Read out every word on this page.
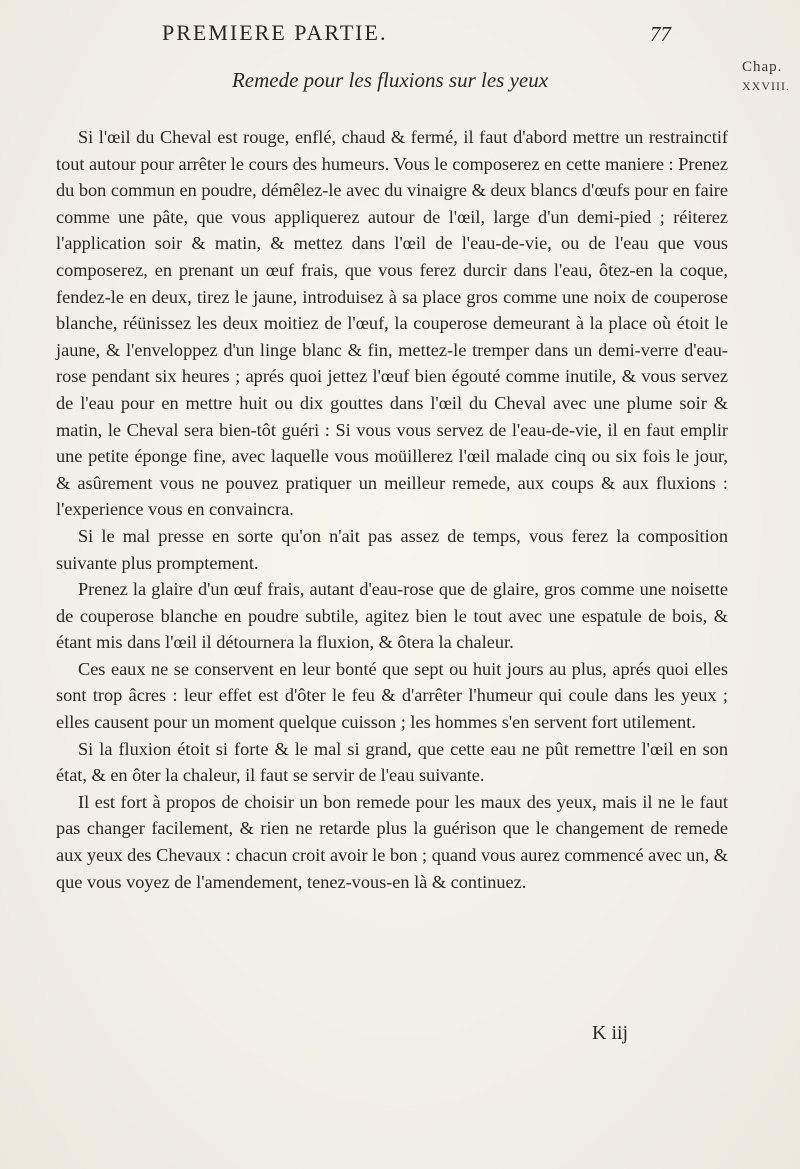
PREMIERE PARTIE.	77
Chap.
XXVIII.
Remede pour les fluxions sur les yeux

Si l'œil du Cheval est rouge, enflé, chaud & fermé, il faut d'abord mettre un restrainctif tout autour pour arrêter le cours des humeurs. Vous le composerez en cette maniere : Prenez du bon commun en poudre, démêlez-le avec du vinaigre & deux blancs d'œufs pour en faire comme une pâte, que vous appliquerez autour de l'œil, large d'un demi-pied ; réiterez l'application soir & matin, & mettez dans l'œil de l'eau-de-vie, ou de l'eau que vous composerez, en prenant un œuf frais, que vous ferez durcir dans l'eau, ôtez-en la coque, fendez-le en deux, tirez le jaune, introduisez à sa place gros comme une noix de couperose blanche, réünissez les deux moitiez de l'œuf, la couperose demeurant à la place où étoit le jaune, & l'enveloppez d'un linge blanc & fin, mettez-le tremper dans un demi-verre d'eau-rose pendant six heures ; aprés quoi jettez l'œuf bien égouté comme inutile, & vous servez de l'eau pour en mettre huit ou dix gouttes dans l'œil du Cheval avec une plume soir & matin, le Cheval sera bien-tôt guéri : Si vous vous servez de l'eau-de-vie, il en faut emplir une petite éponge fine, avec laquelle vous moüillerez l'œil malade cinq ou six fois le jour, & asûrement vous ne pouvez pratiquer un meilleur remede, aux coups & aux fluxions : l'experience vous en convaincra.

Si le mal presse en sorte qu'on n'ait pas assez de temps, vous ferez la composition suivante plus promptement.

Prenez la glaire d'un œuf frais, autant d'eau-rose que de glaire, gros comme une noisette de couperose blanche en poudre subtile, agitez bien le tout avec une espatule de bois, & étant mis dans l'œil il détournera la fluxion, & ôtera la chaleur.

Ces eaux ne se conservent en leur bonté que sept ou huit jours au plus, aprés quoi elles sont trop âcres : leur effet est d'ôter le feu & d'arrêter l'humeur qui coule dans les yeux ; elles causent pour un moment quelque cuisson ; les hommes s'en servent fort utilement.

Si la fluxion étoit si forte & le mal si grand, que cette eau ne pût remettre l'œil en son état, & en ôter la chaleur, il faut se servir de l'eau suivante.

Il est fort à propos de choisir un bon remede pour les maux des yeux, mais il ne le faut pas changer facilement, & rien ne retarde plus la guérison que le changement de remede aux yeux des Chevaux : chacun croit avoir le bon ; quand vous aurez commencé avec un, & que vous voyez de l'amendement, tenez-vous-en là & continuez.

K iij
